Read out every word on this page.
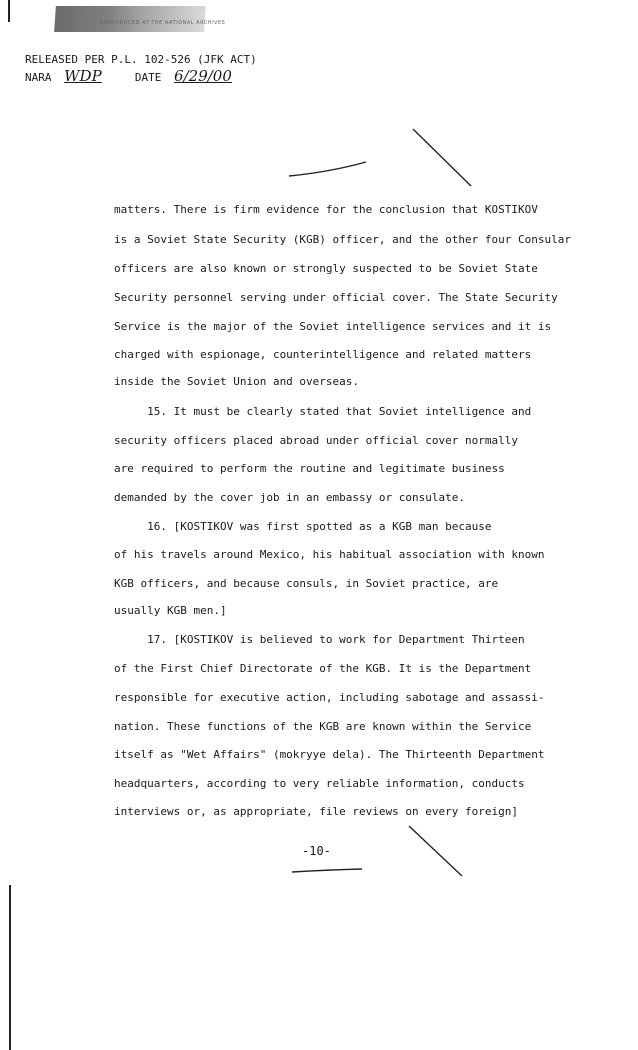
REPRODUCED AT THE NATIONAL ARCHIVES
RELEASED PER P.L. 102-526 (JFK ACT)
NARA WDP	DATE 6/29/00
matters. There is firm evidence for the conclusion that KOSTIKOV
is a Soviet State Security (KGB) officer, and the other four Consular
officers are also known or strongly suspected to be Soviet State
Security personnel serving under official cover. The State Security
Service is the major of the Soviet intelligence services and it is
charged with espionage, counterintelligence and related matters
inside the Soviet Union and overseas.
15. It must be clearly stated that Soviet intelligence and
security officers placed abroad under official cover normally
are required to perform the routine and legitimate business
demanded by the cover job in an embassy or consulate.
16. [KOSTIKOV was first spotted as a KGB man because
of his travels around Mexico, his habitual association with known
KGB officers, and because consuls, in Soviet practice, are
usually KGB men.]
17. [KOSTIKOV is believed to work for Department Thirteen
of the First Chief Directorate of the KGB. It is the Department
responsible for executive action, including sabotage and assassi-
nation. These functions of the KGB are known within the Service
itself as "Wet Affairs" (mokryye dela). The Thirteenth Department
headquarters, according to very reliable information, conducts
interviews or, as appropriate, file reviews on every foreign]
-10-
